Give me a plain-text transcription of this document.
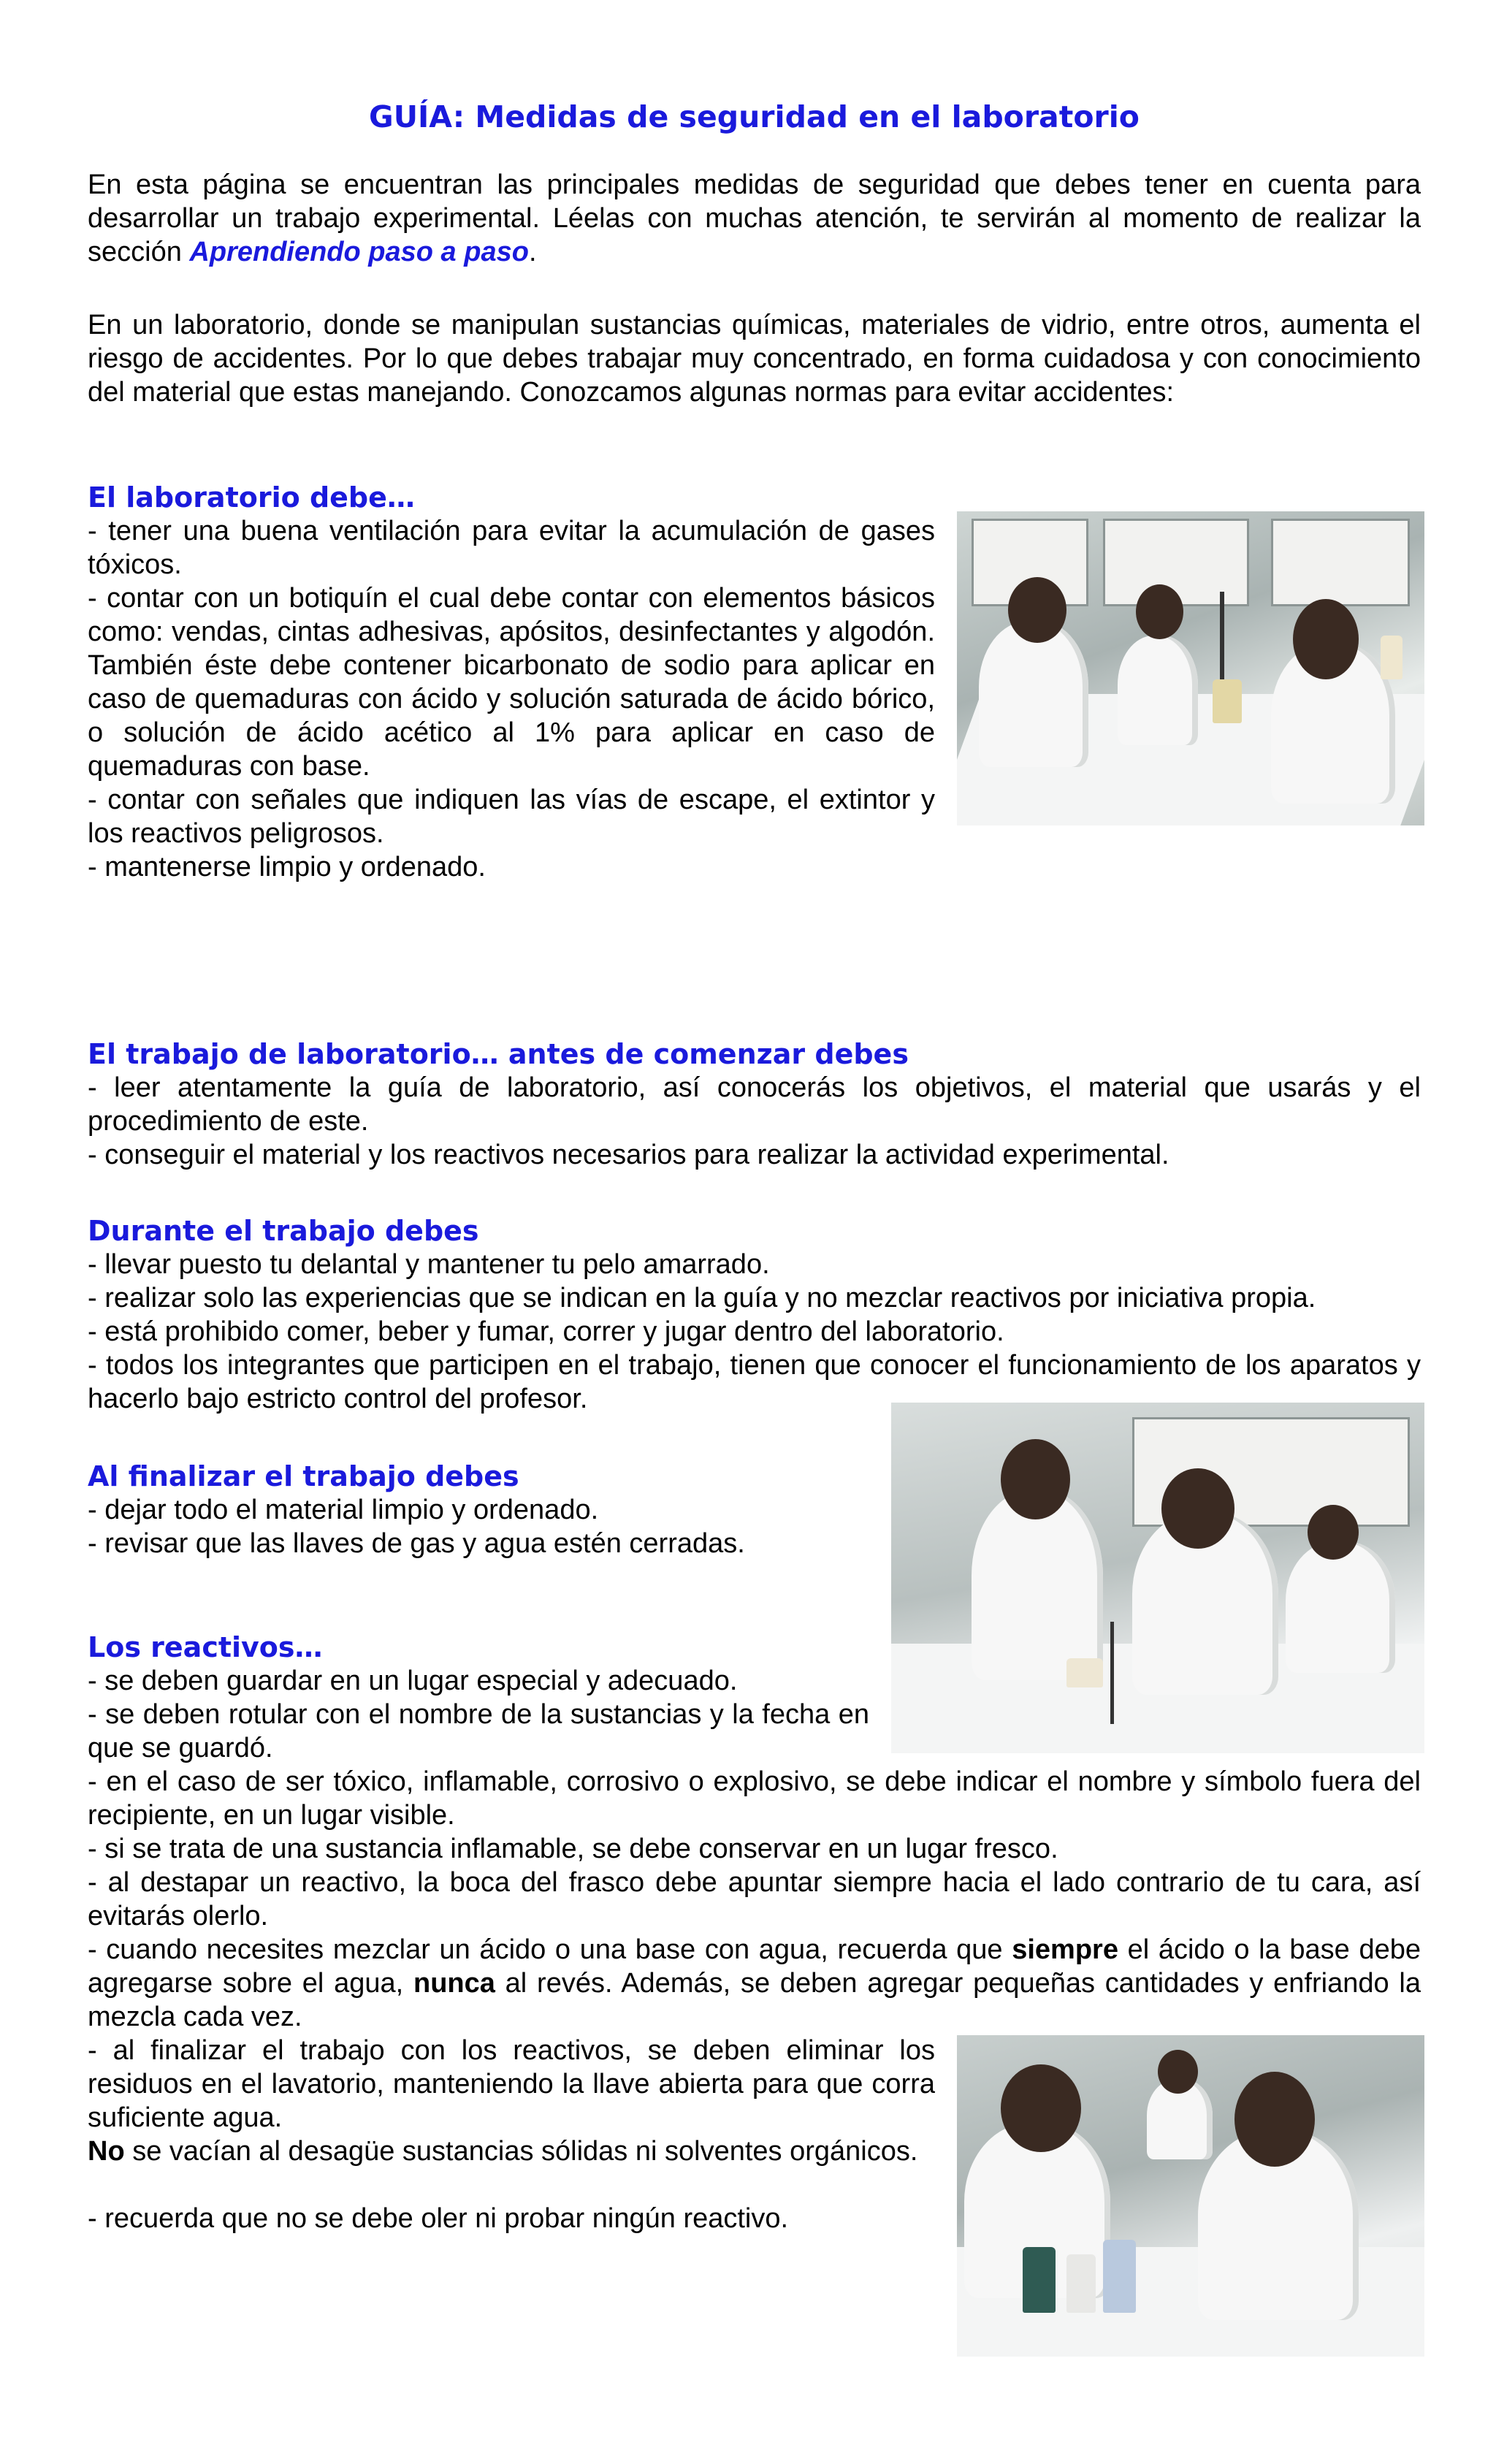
GUÍA: Medidas de seguridad en el laboratorio
En esta página se encuentran las principales medidas de seguridad que debes tener en cuenta para desarrollar un trabajo experimental. Léelas con muchas atención, te servirán al momento de realizar la sección Aprendiendo paso a paso.
En un laboratorio, donde se manipulan sustancias químicas, materiales de vidrio, entre otros, aumenta el riesgo de accidentes. Por lo que debes trabajar muy concentrado, en forma cuidadosa y con conocimiento del material que estas manejando. Conozcamos algunas normas para evitar accidentes:
El laboratorio debe…
- tener una buena ventilación para evitar la acumulación de gases tóxicos.
- contar con un botiquín el cual debe contar con elementos básicos como: vendas, cintas adhesivas, apósitos, desinfectantes y algodón. También éste debe contener bicarbonato de sodio para aplicar en caso de quemaduras con ácido y solución saturada de ácido bórico, o solución de ácido acético al 1% para aplicar en caso de quemaduras con base.
- contar con señales que indiquen las vías de escape, el extintor y los reactivos peligrosos.
- mantenerse limpio y ordenado.
El trabajo de laboratorio… antes de comenzar debes
- leer atentamente la guía de laboratorio, así conocerás los objetivos, el material que usarás y el procedimiento de este.
- conseguir el material y los reactivos necesarios para realizar la actividad experimental.
Durante el trabajo debes
- llevar puesto tu delantal y mantener tu pelo amarrado.
- realizar solo las experiencias que se indican en la guía y no mezclar reactivos por iniciativa propia.
- está prohibido comer, beber y fumar, correr y jugar dentro del laboratorio.
- todos los integrantes que participen en el trabajo, tienen que conocer el funcionamiento de los aparatos y hacerlo bajo estricto control del profesor.
Al finalizar el trabajo debes
- dejar todo el material limpio y ordenado.
- revisar que las llaves de gas y agua estén cerradas.
Los reactivos…
- se deben guardar en un lugar especial y adecuado.
- se deben rotular con el nombre de la sustancias y la fecha en que se guardó.
- en el caso de ser tóxico, inflamable, corrosivo o explosivo, se debe indicar el nombre y símbolo fuera del recipiente, en un lugar visible.
- si se trata de una sustancia inflamable, se debe conservar en un lugar fresco.
- al destapar un reactivo, la boca del frasco debe apuntar siempre hacia el lado contrario de tu cara, así evitarás olerlo.
- cuando necesites mezclar un ácido o una base con agua, recuerda que siempre el ácido o la base debe agregarse sobre el agua, nunca al revés. Además, se deben agregar pequeñas cantidades y enfriando la mezcla cada vez.
- al finalizar el trabajo con los reactivos, se deben eliminar los residuos en el lavatorio, manteniendo la llave abierta para que corra suficiente agua.
No se vacían al desagüe sustancias sólidas ni solventes orgánicos.
- recuerda que no se debe oler ni probar ningún reactivo.
